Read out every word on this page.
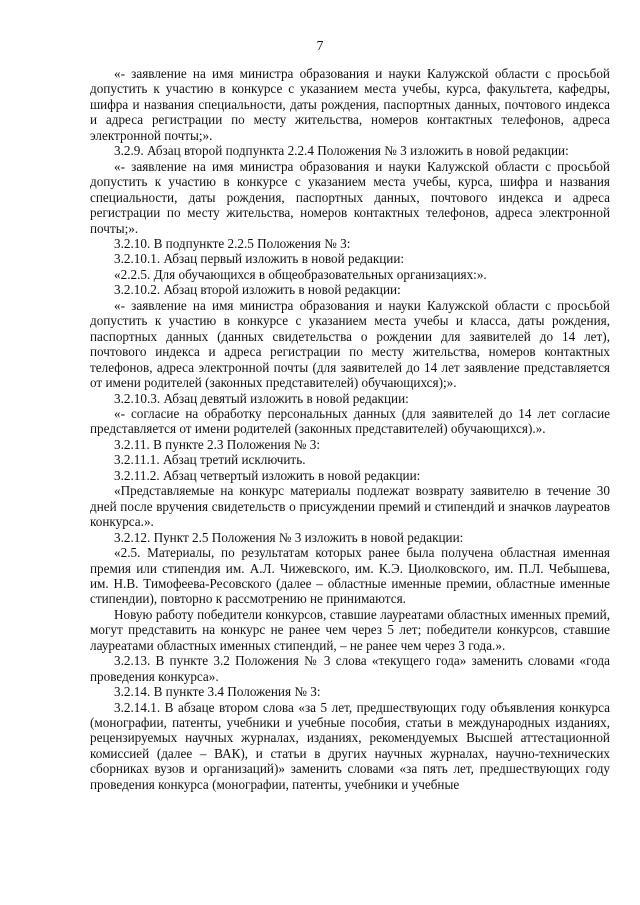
7

«- заявление на имя министра образования и науки Калужской области с просьбой допустить к участию в конкурсе с указанием места учебы, курса, факультета, кафедры, шифра и названия специальности, даты рождения, паспортных данных, почтового индекса и адреса регистрации по месту жительства, номеров контактных телефонов, адреса электронной почты;».

3.2.9. Абзац второй подпункта 2.2.4 Положения № 3 изложить в новой редакции:

«- заявление на имя министра образования и науки Калужской области с просьбой допустить к участию в конкурсе с указанием места учебы, курса, шифра и названия специальности, даты рождения, паспортных данных, почтового индекса и адреса регистрации по месту жительства, номеров контактных телефонов, адреса электронной почты;».

3.2.10. В подпункте 2.2.5 Положения № 3:

3.2.10.1. Абзац первый изложить в новой редакции:

«2.2.5. Для обучающихся в общеобразовательных организациях:».

3.2.10.2. Абзац второй изложить в новой редакции:

«- заявление на имя министра образования и науки Калужской области с просьбой допустить к участию в конкурсе с указанием места учебы и класса, даты рождения, паспортных данных (данных свидетельства о рождении для заявителей до 14 лет), почтового индекса и адреса регистрации по месту жительства, номеров контактных телефонов, адреса электронной почты (для заявителей до 14 лет заявление представляется от имени родителей (законных представителей) обучающихся);».

3.2.10.3. Абзац девятый изложить в новой редакции:

«- согласие на обработку персональных данных (для заявителей до 14 лет согласие представляется от имени родителей (законных представителей) обучающихся).».

3.2.11. В пункте 2.3 Положения № 3:

3.2.11.1. Абзац третий исключить.

3.2.11.2. Абзац четвертый изложить в новой редакции:

«Представляемые на конкурс материалы подлежат возврату заявителю в течение 30 дней после вручения свидетельств о присуждении премий и стипендий и значков лауреатов конкурса.».

3.2.12. Пункт 2.5 Положения № 3 изложить в новой редакции:

«2.5. Материалы, по результатам которых ранее была получена областная именная премия или стипендия им. А.Л. Чижевского, им. К.Э. Циолковского, им. П.Л. Чебышева, им. Н.В. Тимофеева-Ресовского (далее – областные именные премии, областные именные стипендии), повторно к рассмотрению не принимаются.

Новую работу победители конкурсов, ставшие лауреатами областных именных премий, могут представить на конкурс не ранее чем через 5 лет; победители конкурсов, ставшие лауреатами областных именных стипендий, – не ранее чем через 3 года.».

3.2.13. В пункте 3.2 Положения № 3 слова «текущего года» заменить словами «года проведения конкурса».

3.2.14. В пункте 3.4 Положения № 3:

3.2.14.1. В абзаце втором слова «за 5 лет, предшествующих году объявления конкурса (монографии, патенты, учебники и учебные пособия, статьи в международных изданиях, рецензируемых научных журналах, изданиях, рекомендуемых Высшей аттестационной комиссией (далее – ВАК), и статьи в других научных журналах, научно-технических сборниках вузов и организаций)» заменить словами «за пять лет, предшествующих году проведения конкурса (монографии, патенты, учебники и учебные
